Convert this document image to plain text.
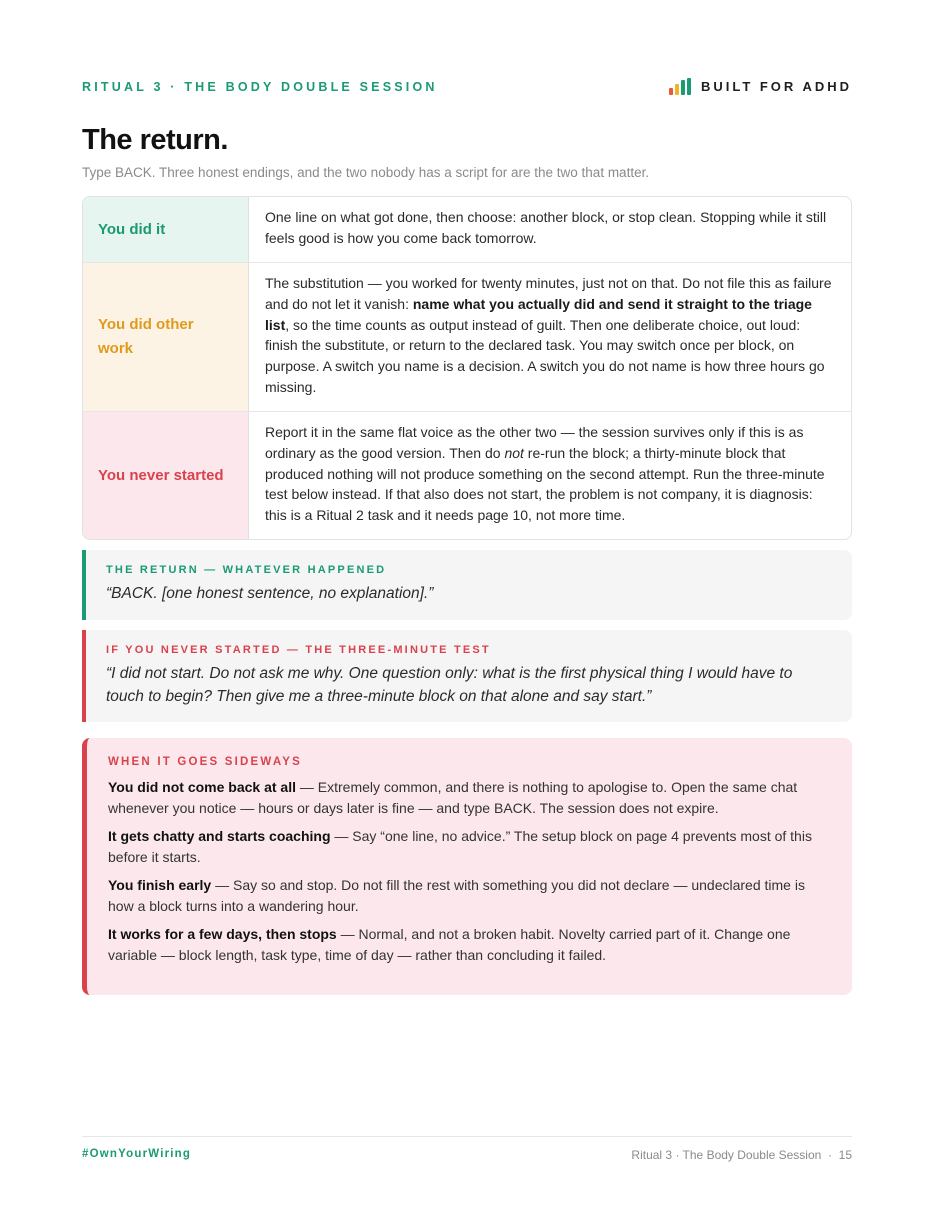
RITUAL 3 · THE BODY DOUBLE SESSION	BUILT FOR ADHD
The return.

Type BACK. Three honest endings, and the two nobody has a script for are the two that matter.

You did it
One line on what got done, then choose: another block, or stop clean. Stopping while it still feels good is how you come back tomorrow.
You did other work
The substitution — you worked for twenty minutes, just not on that. Do not file this as failure and do not let it vanish: name what you actually did and send it straight to the triage list, so the time counts as output instead of guilt. Then one deliberate choice, out loud: finish the substitute, or return to the declared task. You may switch once per block, on purpose. A switch you name is a decision. A switch you do not name is how three hours go missing.
You never started
Report it in the same flat voice as the other two — the session survives only if this is as ordinary as the good version. Then do not re-run the block; a thirty-minute block that produced nothing will not produce something on the second attempt. Run the three-minute test below instead. If that also does not start, the problem is not company, it is diagnosis: this is a Ritual 2 task and it needs page 10, not more time.
THE RETURN — WHATEVER HAPPENED
“BACK. [one honest sentence, no explanation].”
IF YOU NEVER STARTED — THE THREE-MINUTE TEST
“I did not start. Do not ask me why. One question only: what is the first physical thing I would have to touch to begin? Then give me a three-minute block on that alone and say start.”
WHEN IT GOES SIDEWAYS
You did not come back at all — Extremely common, and there is nothing to apologise to. Open the same chat whenever you notice — hours or days later is fine — and type BACK. The session does not expire.
It gets chatty and starts coaching — Say “one line, no advice.” The setup block on page 4 prevents most of this before it starts.
You finish early — Say so and stop. Do not fill the rest with something you did not declare — undeclared time is how a block turns into a wandering hour.
It works for a few days, then stops — Normal, and not a broken habit. Novelty carried part of it. Change one variable — block length, task type, time of day — rather than concluding it failed.
#OwnYourWiring	Ritual 3 · The Body Double Session  ·  15
